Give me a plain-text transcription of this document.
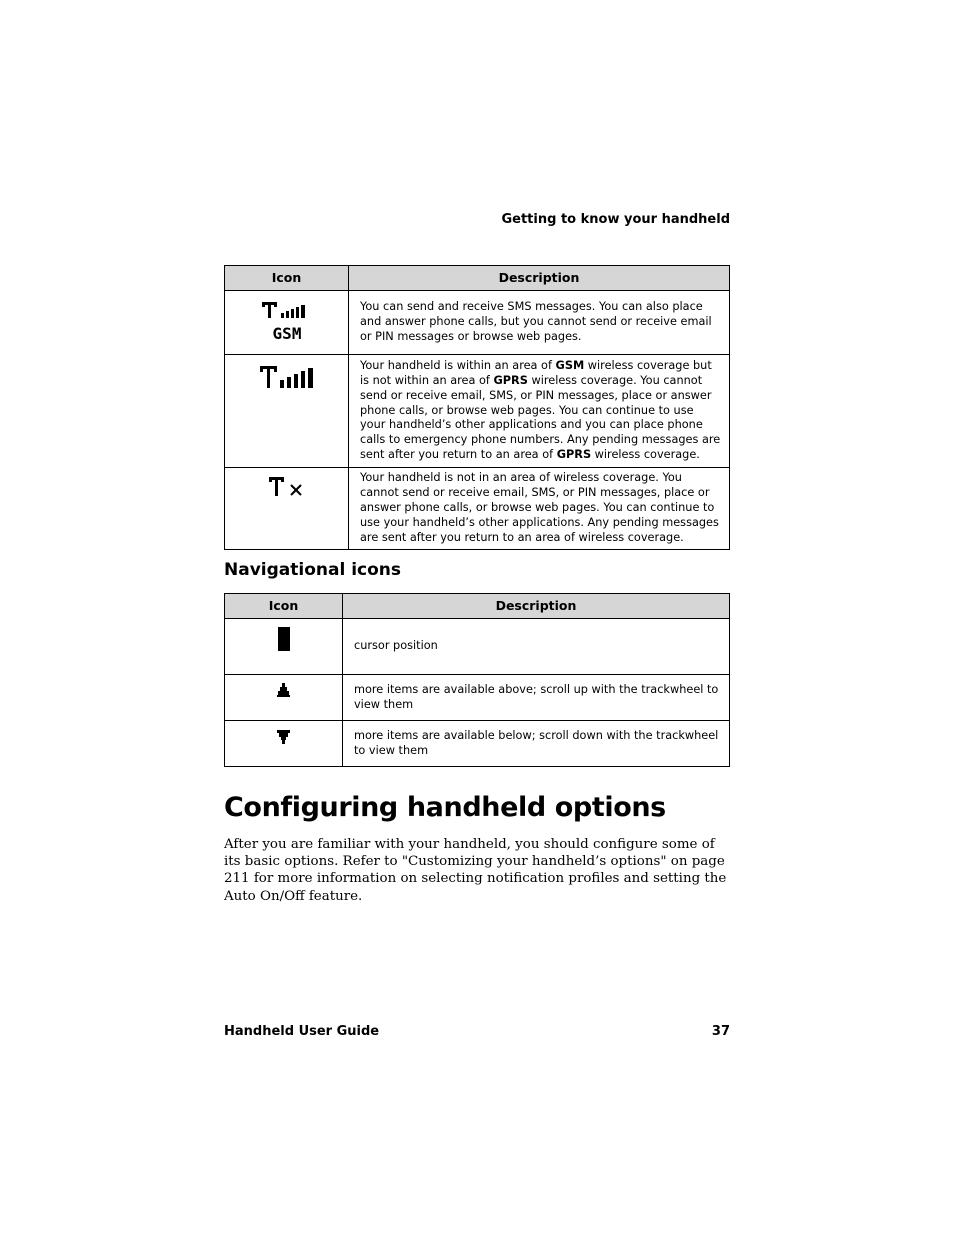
Getting to know your handheld
Icon	Description

GSM	You can send and receive SMS messages. You can also place and answer phone calls, but you cannot send or receive email or PIN messages or browse web pages.

	Your handheld is within an area of GSM wireless coverage but is not within an area of GPRS wireless coverage. You cannot send or receive email, SMS, or PIN messages, place or answer phone calls, or browse web pages. You can continue to use your handheld’s other applications and you can place phone calls to emergency phone numbers. Any pending messages are sent after you return to an area of GPRS wireless coverage.

	Your handheld is not in an area of wireless coverage. You cannot send or receive email, SMS, or PIN messages, place or answer phone calls, or browse web pages. You can continue to use your handheld’s other applications. Any pending messages are sent after you return to an area of wireless coverage.
Navigational icons
Icon	Description

	cursor position

	more items are available above; scroll up with the trackwheel to view them

	more items are available below; scroll down with the trackwheel to view them
Configuring handheld options

After you are familiar with your handheld, you should configure some of its basic options. Refer to "Customizing your handheld’s options" on page 211 for more information on selecting notification profiles and setting the Auto On/Off feature.

Handheld User Guide	37
